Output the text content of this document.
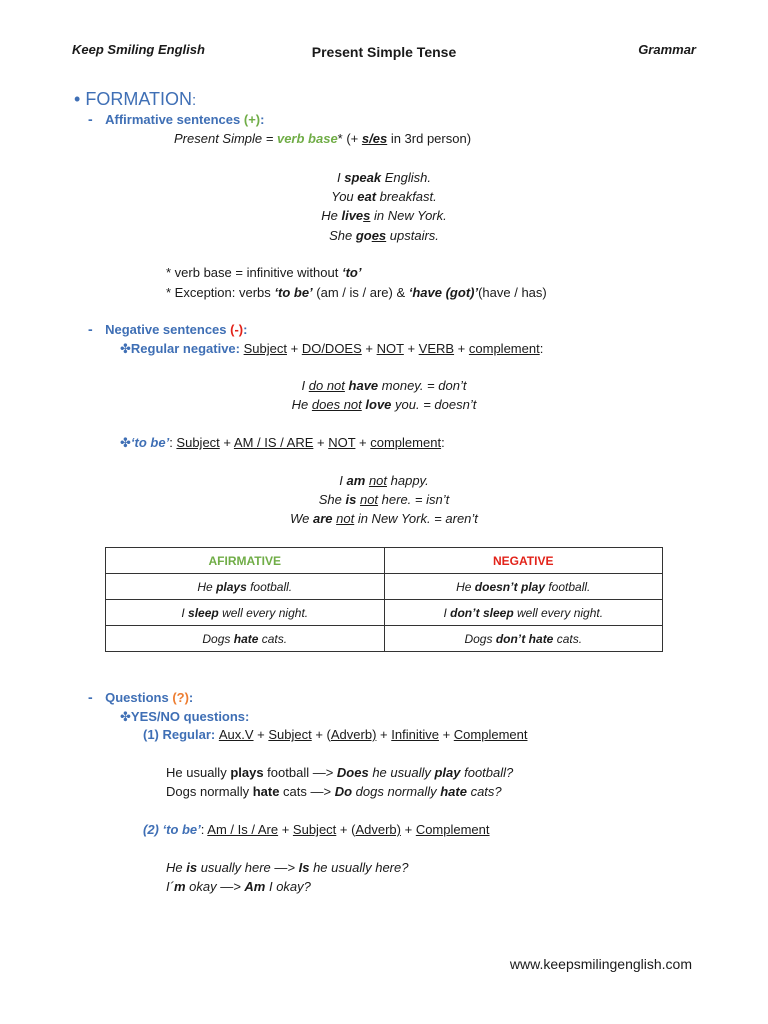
Keep Smiling English	Present Simple Tense	Grammar
• FORMATION:
- Affirmative sentences (+):
Present Simple = verb base* (+ s/es in 3rd person)
I speak English.
You eat breakfast.
He lives in New York.
She goes upstairs.
* verb base = infinitive without ‘to’
* Exception: verbs ‘to be’ (am / is / are) & ‘have (got)’(have / has)
- Negative sentences (-):
✤Regular negative: Subject + DO/DOES + NOT + VERB + complement:
I do not have money. = don’t
He does not love you. = doesn’t
✤‘to be’: Subject + AM / IS / ARE + NOT + complement:
I am not happy.
She is not here. = isn’t
We are not in New York. = aren’t
AFIRMATIVE	NEGATIVE
He plays football.	He doesn’t play football.
I sleep well every night.	I don’t sleep well every night.
Dogs hate cats.	Dogs don’t hate cats.
- Questions (?):
✤YES/NO questions:
(1) Regular: Aux.V + Subject + (Adverb) + Infinitive + Complement
He usually plays football —> Does he usually play football?
Dogs normally hate cats —> Do dogs normally hate cats?
(2) ‘to be’: Am / Is / Are + Subject + (Adverb) + Complement
He is usually here —> Is he usually here?
I´m okay —> Am I okay?
www.keepsmilingenglish.com
